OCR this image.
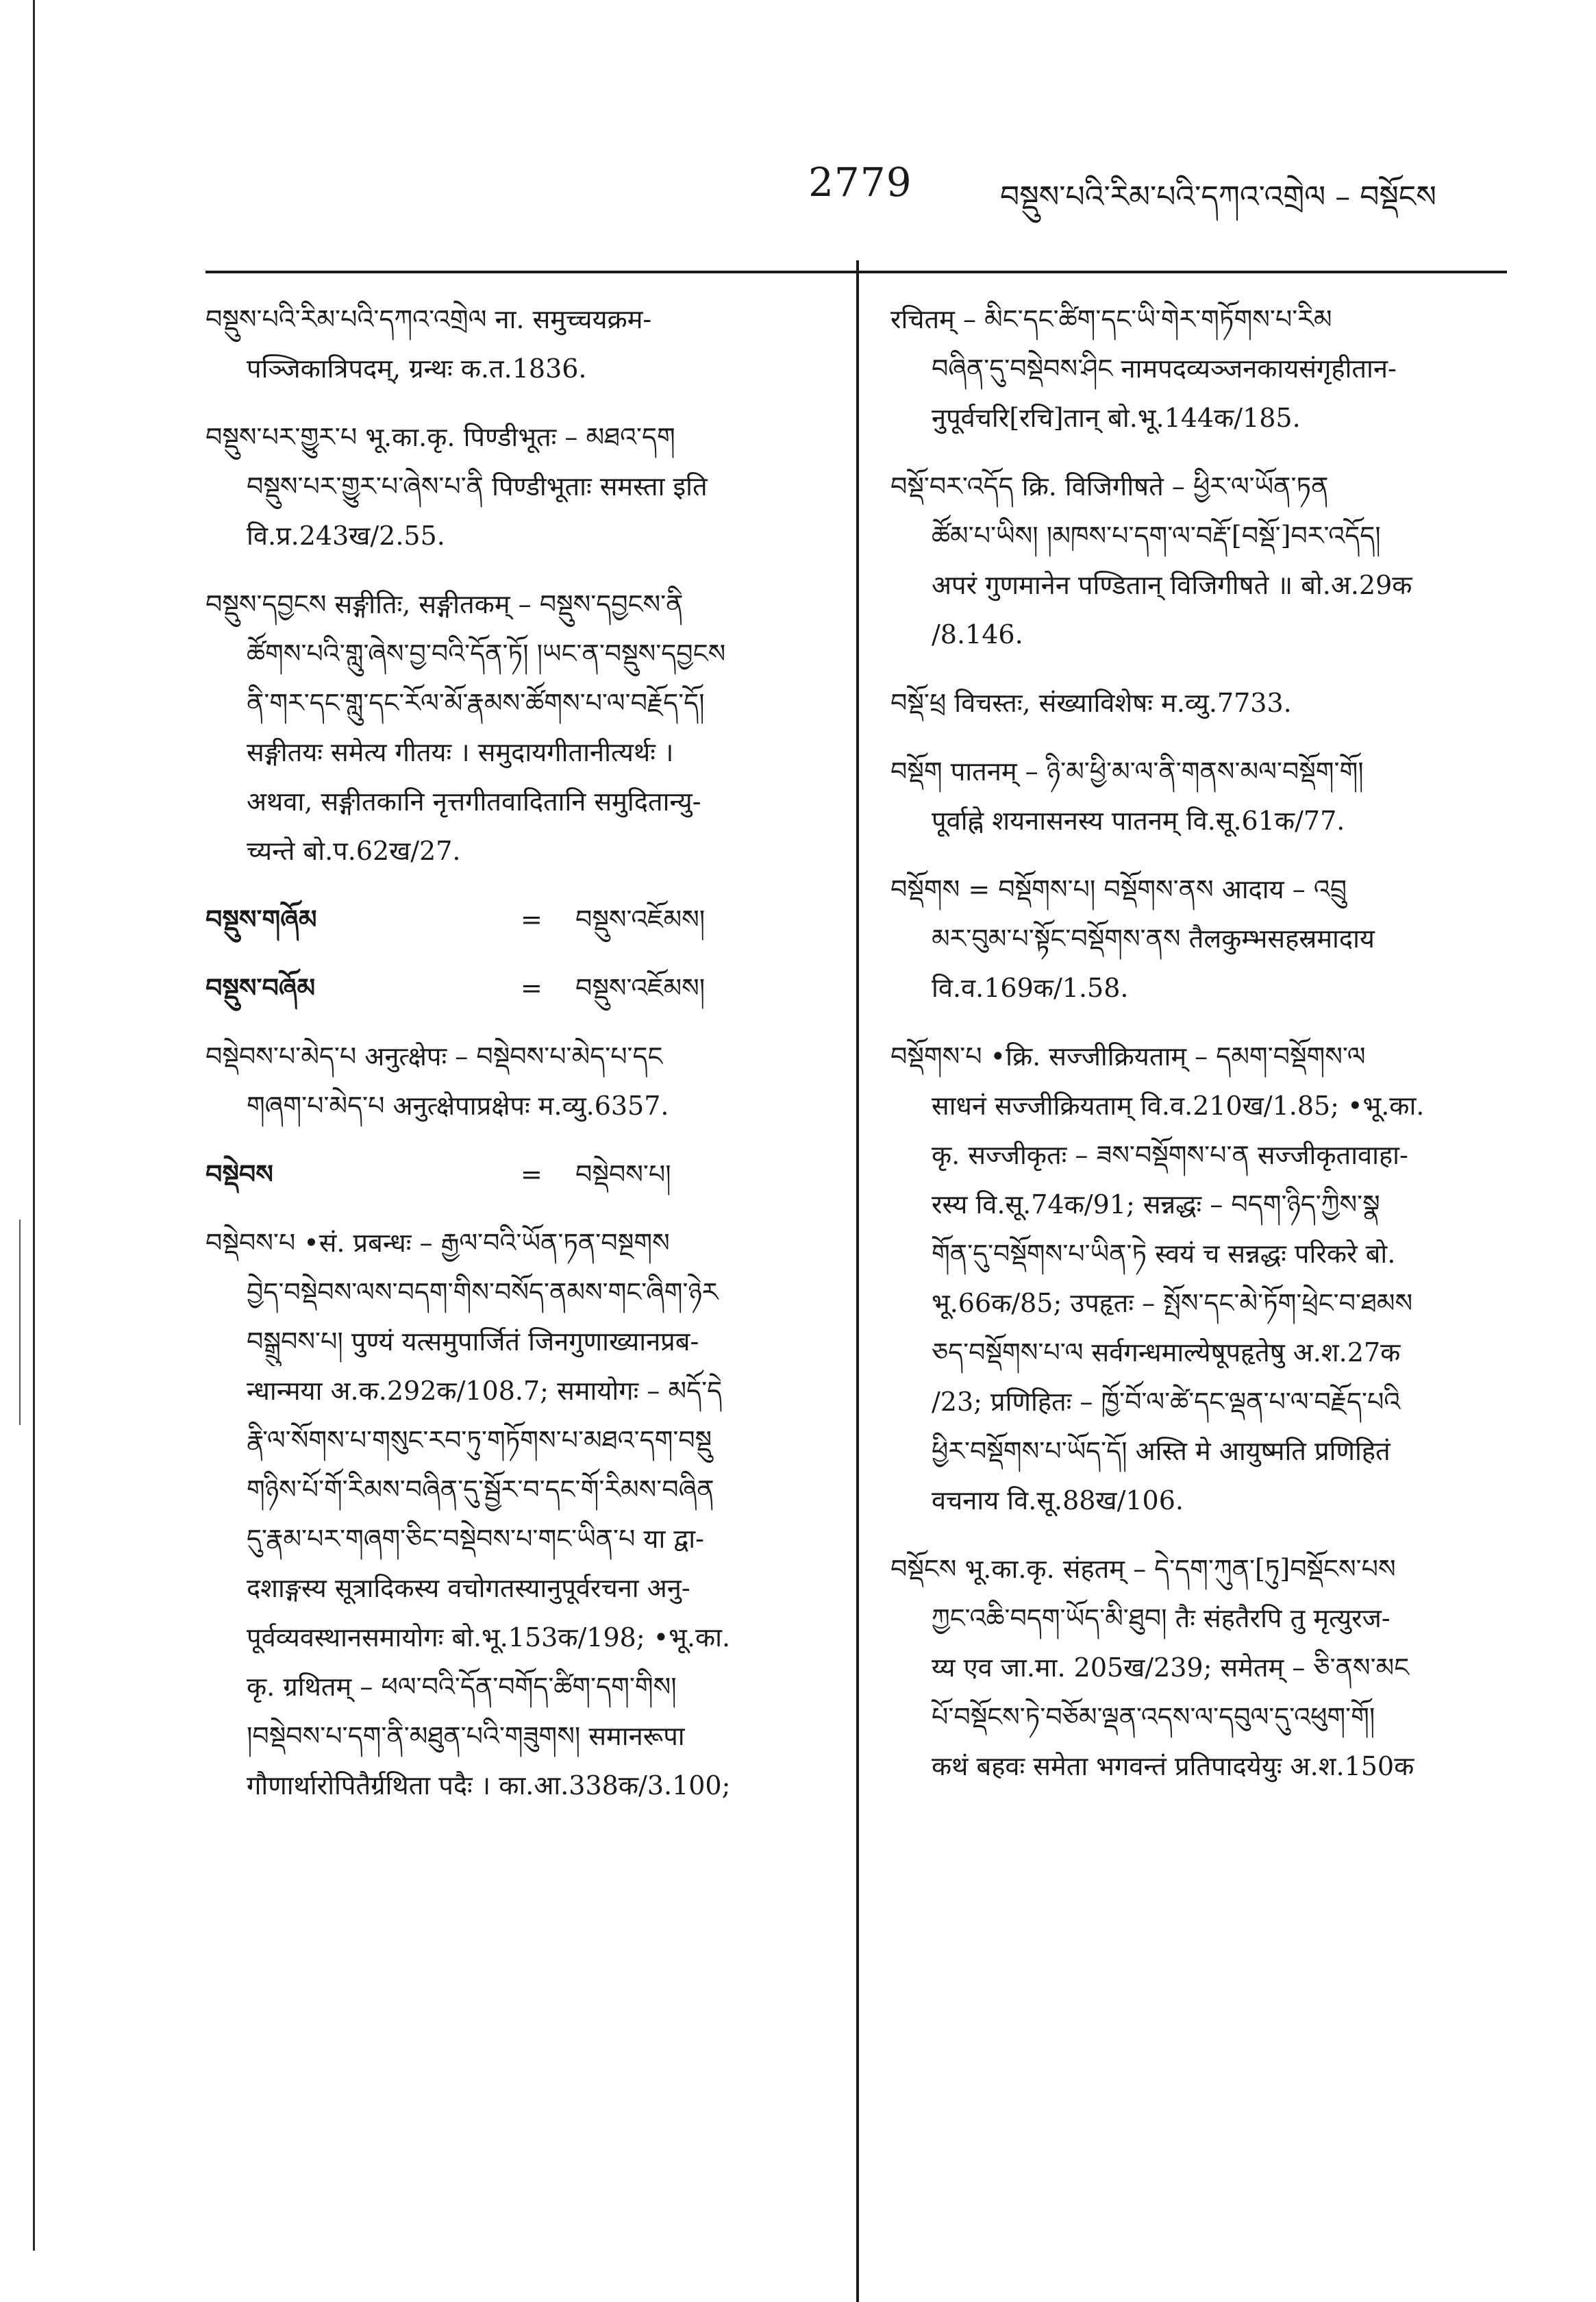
2779	བསྡུས་པའི་རིམ་པའི་དཀའ་འགྲེལ – བསྡོངས
བསྡུས་པའི་རིམ་པའི་དཀའ་འགྲེལ ना. समुच्चयक्रम-
पञ्जिकात्रिपदम्, ग्रन्थः क.त.1836.
བསྡུས་པར་གྱུར་པ भू.का.कृ. पिण्डीभूतः – མཐའ་དག
བསྡུས་པར་གྱུར་པ་ཞེས་པ་ནི पिण्डीभूताः समस्ता इति
वि.प्र.243ख/2.55.
བསྡུས་དབྱངས सङ्गीतिः, सङ्गीतकम् – བསྡུས་དབྱངས་ནི
ཚོགས་པའི་གླུ་ཞེས་བྱ་བའི་དོན་ཏོ། །ཡང་ན་བསྡུས་དབྱངས
ནི་གར་དང་གླུ་དང་རོལ་མོ་རྣམས་ཚོགས་པ་ལ་བརྗོད་དོ།
सङ्गीतयः समेत्य गीतयः । समुदायगीतानीत्यर्थः ।
अथवा, सङ्गीतकानि नृत्तगीतवादितानि समुदितान्यु-
च्यन्ते बो.प.62ख/27.
བསྡུས་གཞོམ	=	བསྡུས་འཇོམས།
བསྡུས་བཞོམ	=	བསྡུས་འཇོམས།
བསྡེབས་པ་མེད་པ अनुत्क्षेपः – བསྡེབས་པ་མེད་པ་དང
གཞག་པ་མེད་པ अनुत्क्षेपाप्रक्षेपः म.व्यु.6357.
བསྡེབས	=	བསྡེབས་པ།
བསྡེབས་པ •सं. प्रबन्धः – རྒྱལ་བའི་ཡོན་ཏན་བསྔགས
བྱེད་བསྡེབས་ལས་བདག་གིས་བསོད་ནམས་གང་ཞིག་ཉེར
བསྒྲུབས་པ། पुण्यं यत्समुपार्जितं जिनगुणाख्यानप्रब-
न्धान्मया अ.क.292क/108.7; समायोगः – མདོ་དེ
རྣི་ལ་སོགས་པ་གསུང་རབ་ཏུ་གཏོགས་པ་མཐའ་དག་བསྡུ
གཉིས་པོ་གོ་རིམས་བཞིན་དུ་སྦྱོར་བ་དང་གོ་རིམས་བཞིན
དུ་རྣམ་པར་གཞག་ཅིང་བསྡེབས་པ་གང་ཡིན་པ या द्वा-
दशाङ्गस्य सूत्रादिकस्य वचोगतस्यानुपूर्वरचना अनु-
पूर्वव्यवस्थानसमायोगः बो.भू.153क/198; •भू.का.
कृ. ग्रथितम् – ཕལ་བའི་དོན་བགོད་ཚིག་དག་གིས།
།བསྡེབས་པ་དག་ནི་མཐུན་པའི་གཟུགས། समानरूपा
गौणार्थारोपितैर्ग्रथिता पदैः । का.आ.338क/3.100;
रचितम् – མིང་དང་ཚིག་དང་ཡི་གེར་གཏོགས་པ་རིམ
བཞིན་དུ་བསྡེབས་ཤིང नामपदव्यञ्जनकायसंगृहीतान-
नुपूर्वचरि[रचि]तान् बो.भू.144क/185.
བསྡོ་བར་འདོད क्रि. विजिगीषते – ཕྱིར་ལ་ཡོན་ཏན
ཚོམ་པ་ཡིས། །མཁས་པ་དག་ལ་བརྡོ་[བསྡོ་]བར་འདོད།
अपरं गुणमानेन पण्डितान् विजिगीषते ॥ बो.अ.29क
/8.146.
བསྡོ་ཕྲ विचस्तः, संख्याविशेषः म.व्यु.7733.
བསྡོག पातनम् – ཉི་མ་ཕྱི་མ་ལ་ནི་གནས་མལ་བསྡོག་གོ།
पूर्वाह्ने शयनासनस्य पातनम् वि.सू.61क/77.
བསྡོགས = བསྡོགས་པ། བསྡོགས་ནས आदाय – འབྲུ
མར་བུམ་པ་སྟོང་བསྡོགས་ནས तैलकुम्भसहस्रमादाय
वि.व.169क/1.58.
བསྡོགས་པ •क्रि. सज्जीक्रियताम् – དམག་བསྡོགས་ལ
साधनं सज्जीक्रियताम् वि.व.210ख/1.85; •भू.का.
कृ. सज्जीकृतः – ཟས་བསྡོགས་པ་ན सज्जीकृतावाहा-
रस्य वि.सू.74क/91; सन्नद्धः – བདག་ཉིད་ཀྱིས་སྣ
གོན་དུ་བསྡོགས་པ་ཡིན་ཏེ स्वयं च सन्नद्धः परिकरे बो.
भू.66क/85; उपहृतः – སྤོས་དང་མེ་ཏོག་ཕྲེང་བ་ཐམས
ཅད་བསྡོགས་པ་ལ सर्वगन्धमाल्येषूपहृतेषु अ.श.27क
/23; प्रणिहितः – ཁྱོ་བོ་ལ་ཚེ་དང་ལྡན་པ་ལ་བརྗོད་པའི
ཕྱིར་བསྡོགས་པ་ཡོད་དོ། अस्ति मे आयुष्मति प्रणिहितं
वचनाय वि.सू.88ख/106.
བསྡོངས भू.का.कृ. संहतम् – དེ་དག་ཀུན་[ཏུ]བསྡོངས་པས
ཀྱང་འཆི་བདག་ཡོད་མི་ཐུབ། तैः संहतैरपि तु मृत्युरज-
य्य एव जा.मा. 205ख/239; समेतम् – ཅི་ནས་མང
པོ་བསྡོངས་ཏེ་བཅོམ་ལྡན་འདས་ལ་དབུལ་དུ་འཕུག་གོ།
कथं बहवः समेता भगवन्तं प्रतिपादयेयुः अ.श.150क
